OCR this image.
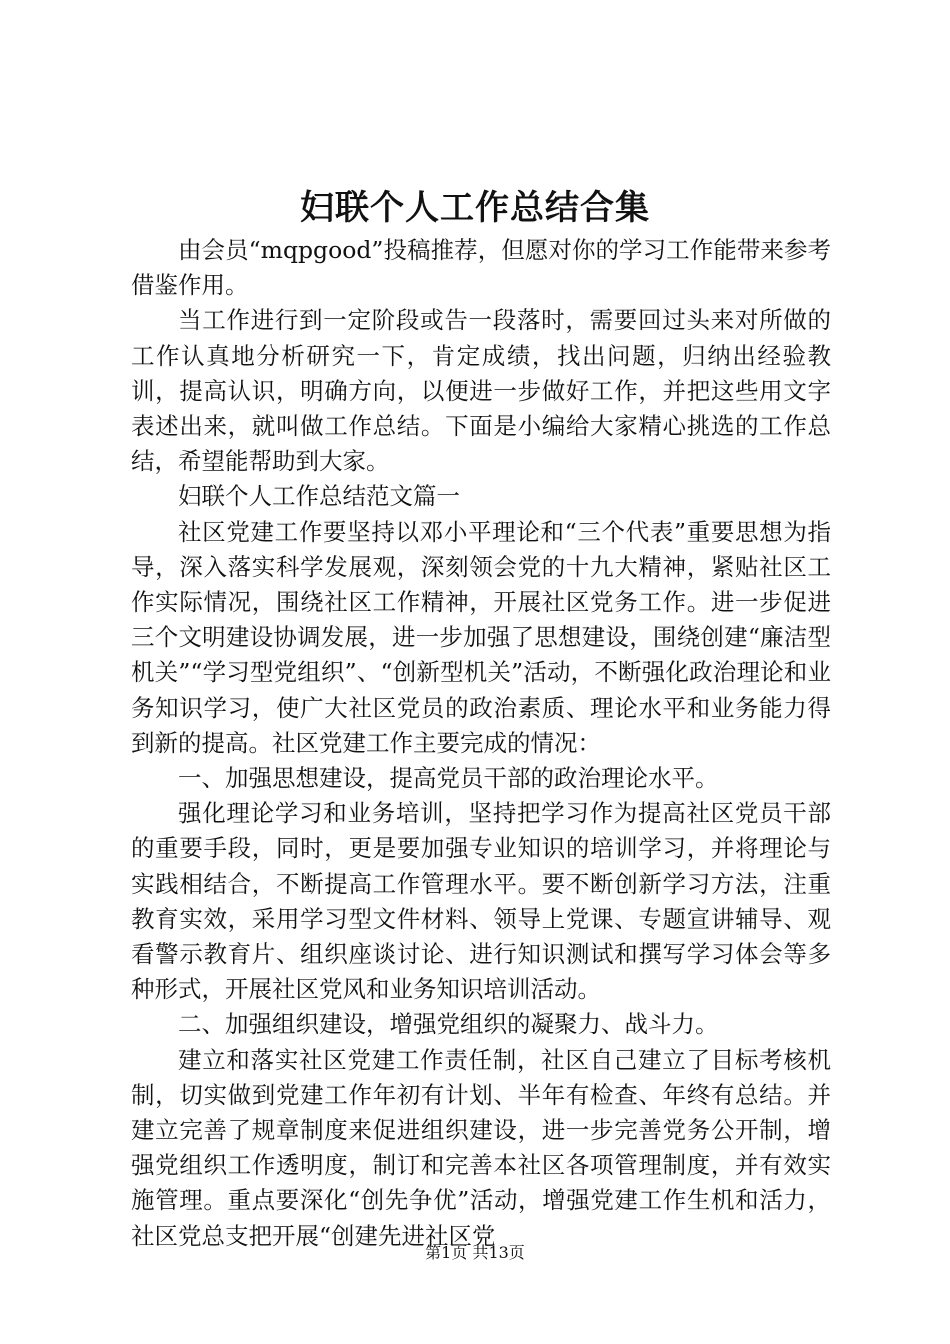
妇联个人工作总结合集

由会员“mqpgood”投稿推荐，但愿对你的学习工作能带来参考借鉴作用。

当工作进行到一定阶段或告一段落时，需要回过头来对所做的工作认真地分析研究一下，肯定成绩，找出问题，归纳出经验教训，提高认识，明确方向，以便进一步做好工作，并把这些用文字表述出来，就叫做工作总结。下面是小编给大家精心挑选的工作总结，希望能帮助到大家。

妇联个人工作总结范文篇一

社区党建工作要坚持以邓小平理论和“三个代表”重要思想为指导，深入落实科学发展观，深刻领会党的十九大精神，紧贴社区工作实际情况，围绕社区工作精神，开展社区党务工作。进一步促进三个文明建设协调发展，进一步加强了思想建设，围绕创建“廉洁型机关”“学习型党组织”、“创新型机关”活动，不断强化政治理论和业务知识学习，使广大社区党员的政治素质、理论水平和业务能力得到新的提高。社区党建工作主要完成的情况：

一、加强思想建设，提高党员干部的政治理论水平。

强化理论学习和业务培训，坚持把学习作为提高社区党员干部的重要手段，同时，更是要加强专业知识的培训学习，并将理论与实践相结合，不断提高工作管理水平。要不断创新学习方法，注重教育实效，采用学习型文件材料、领导上党课、专题宣讲辅导、观看警示教育片、组织座谈讨论、进行知识测试和撰写学习体会等多种形式，开展社区党风和业务知识培训活动。

二、加强组织建设，增强党组织的凝聚力、战斗力。

建立和落实社区党建工作责任制，社区自己建立了目标考核机制，切实做到党建工作年初有计划、半年有检查、年终有总结。并建立完善了规章制度来促进组织建设，进一步完善党务公开制，增强党组织工作透明度，制订和完善本社区各项管理制度，并有效实施管理。重点要深化“创先争优”活动，增强党建工作生机和活力，社区党总支把开展“创建先进社区党

第1页 共13页
